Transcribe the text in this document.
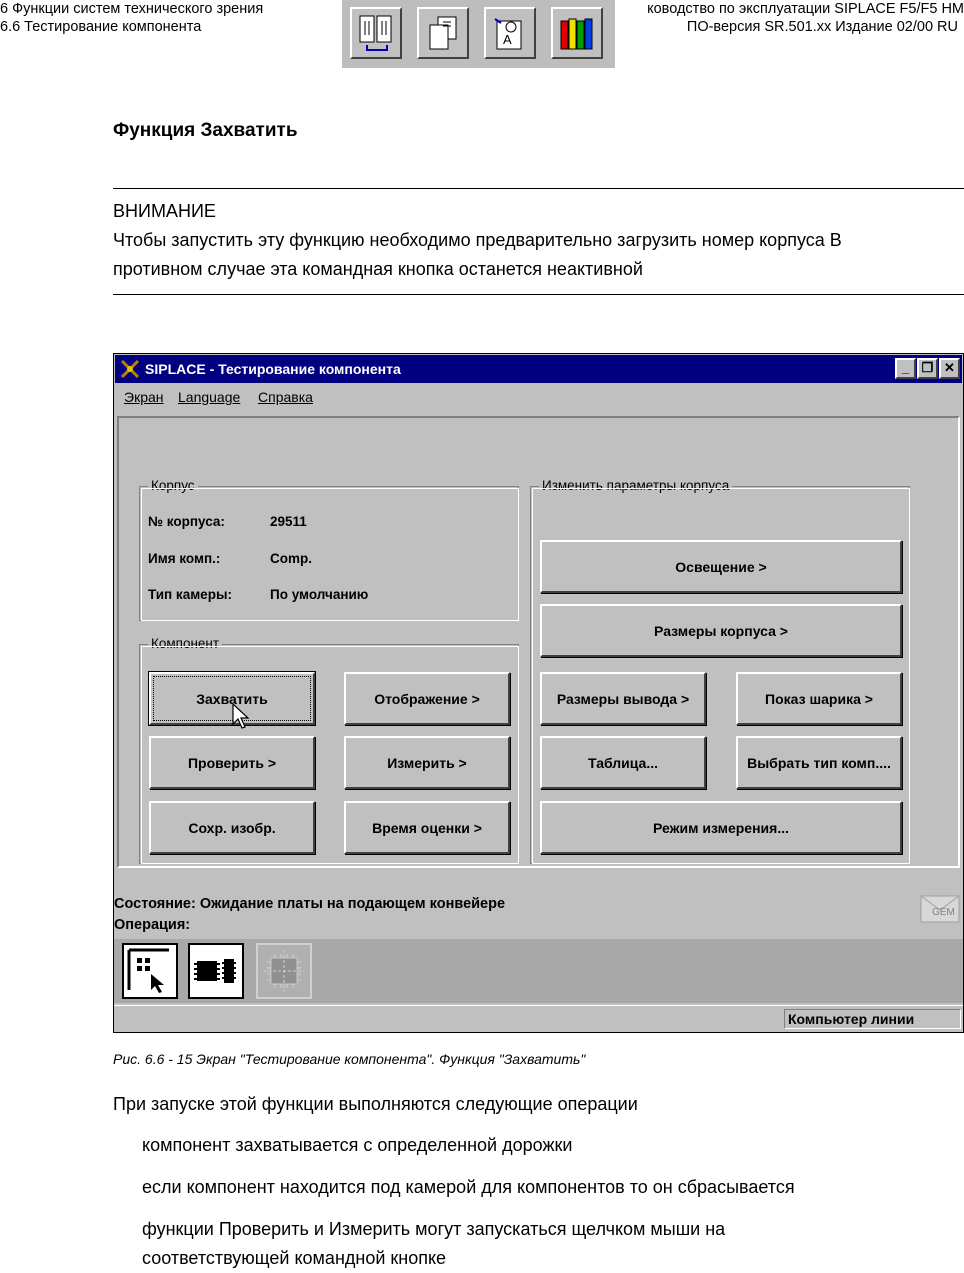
6 Функции систем технического зрения
6.6 Тестирование компонента
ководство по эксплуатации SIPLACE F5/F5 HM
ПО-версия SR.501.xx Издание 02/00 RU
A
Функция Захватить
ВНИМАНИЕ
Чтобы запустить эту функцию необходимо предварительно загрузить номер корпуса В
противном случае эта командная кнопка останется неактивной
SIPLACE - Тестирование компонента	_ ❐ ✕
Экран Language Справка
Корпус
№ корпуса:	29511
Имя комп.:	Comp.
Тип камеры:	По умолчанию
Компонент
Захватить	Отображение >
Проверить >	Измерить >
Сохр. изобр.	Время оценки >
Изменить параметры корпуса
Освещение >
Размеры корпуса >
Размеры вывода >	Показ шарика >
Таблица...	Выбрать тип комп....
Режим измерения...
Состояние: Ожидание платы на подающем конвейере
Операция:
GEM
Компьютер линии
Рис. 6.6 - 15 Экран "Тестирование компонента". Функция "Захватить"
При запуске этой функции выполняются следующие операции
компонент захватывается с определенной дорожки
если компонент находится под камерой для компонентов то он сбрасывается
функции Проверить и Измерить могут запускаться щелчком мыши на
соответствующей командной кнопке
